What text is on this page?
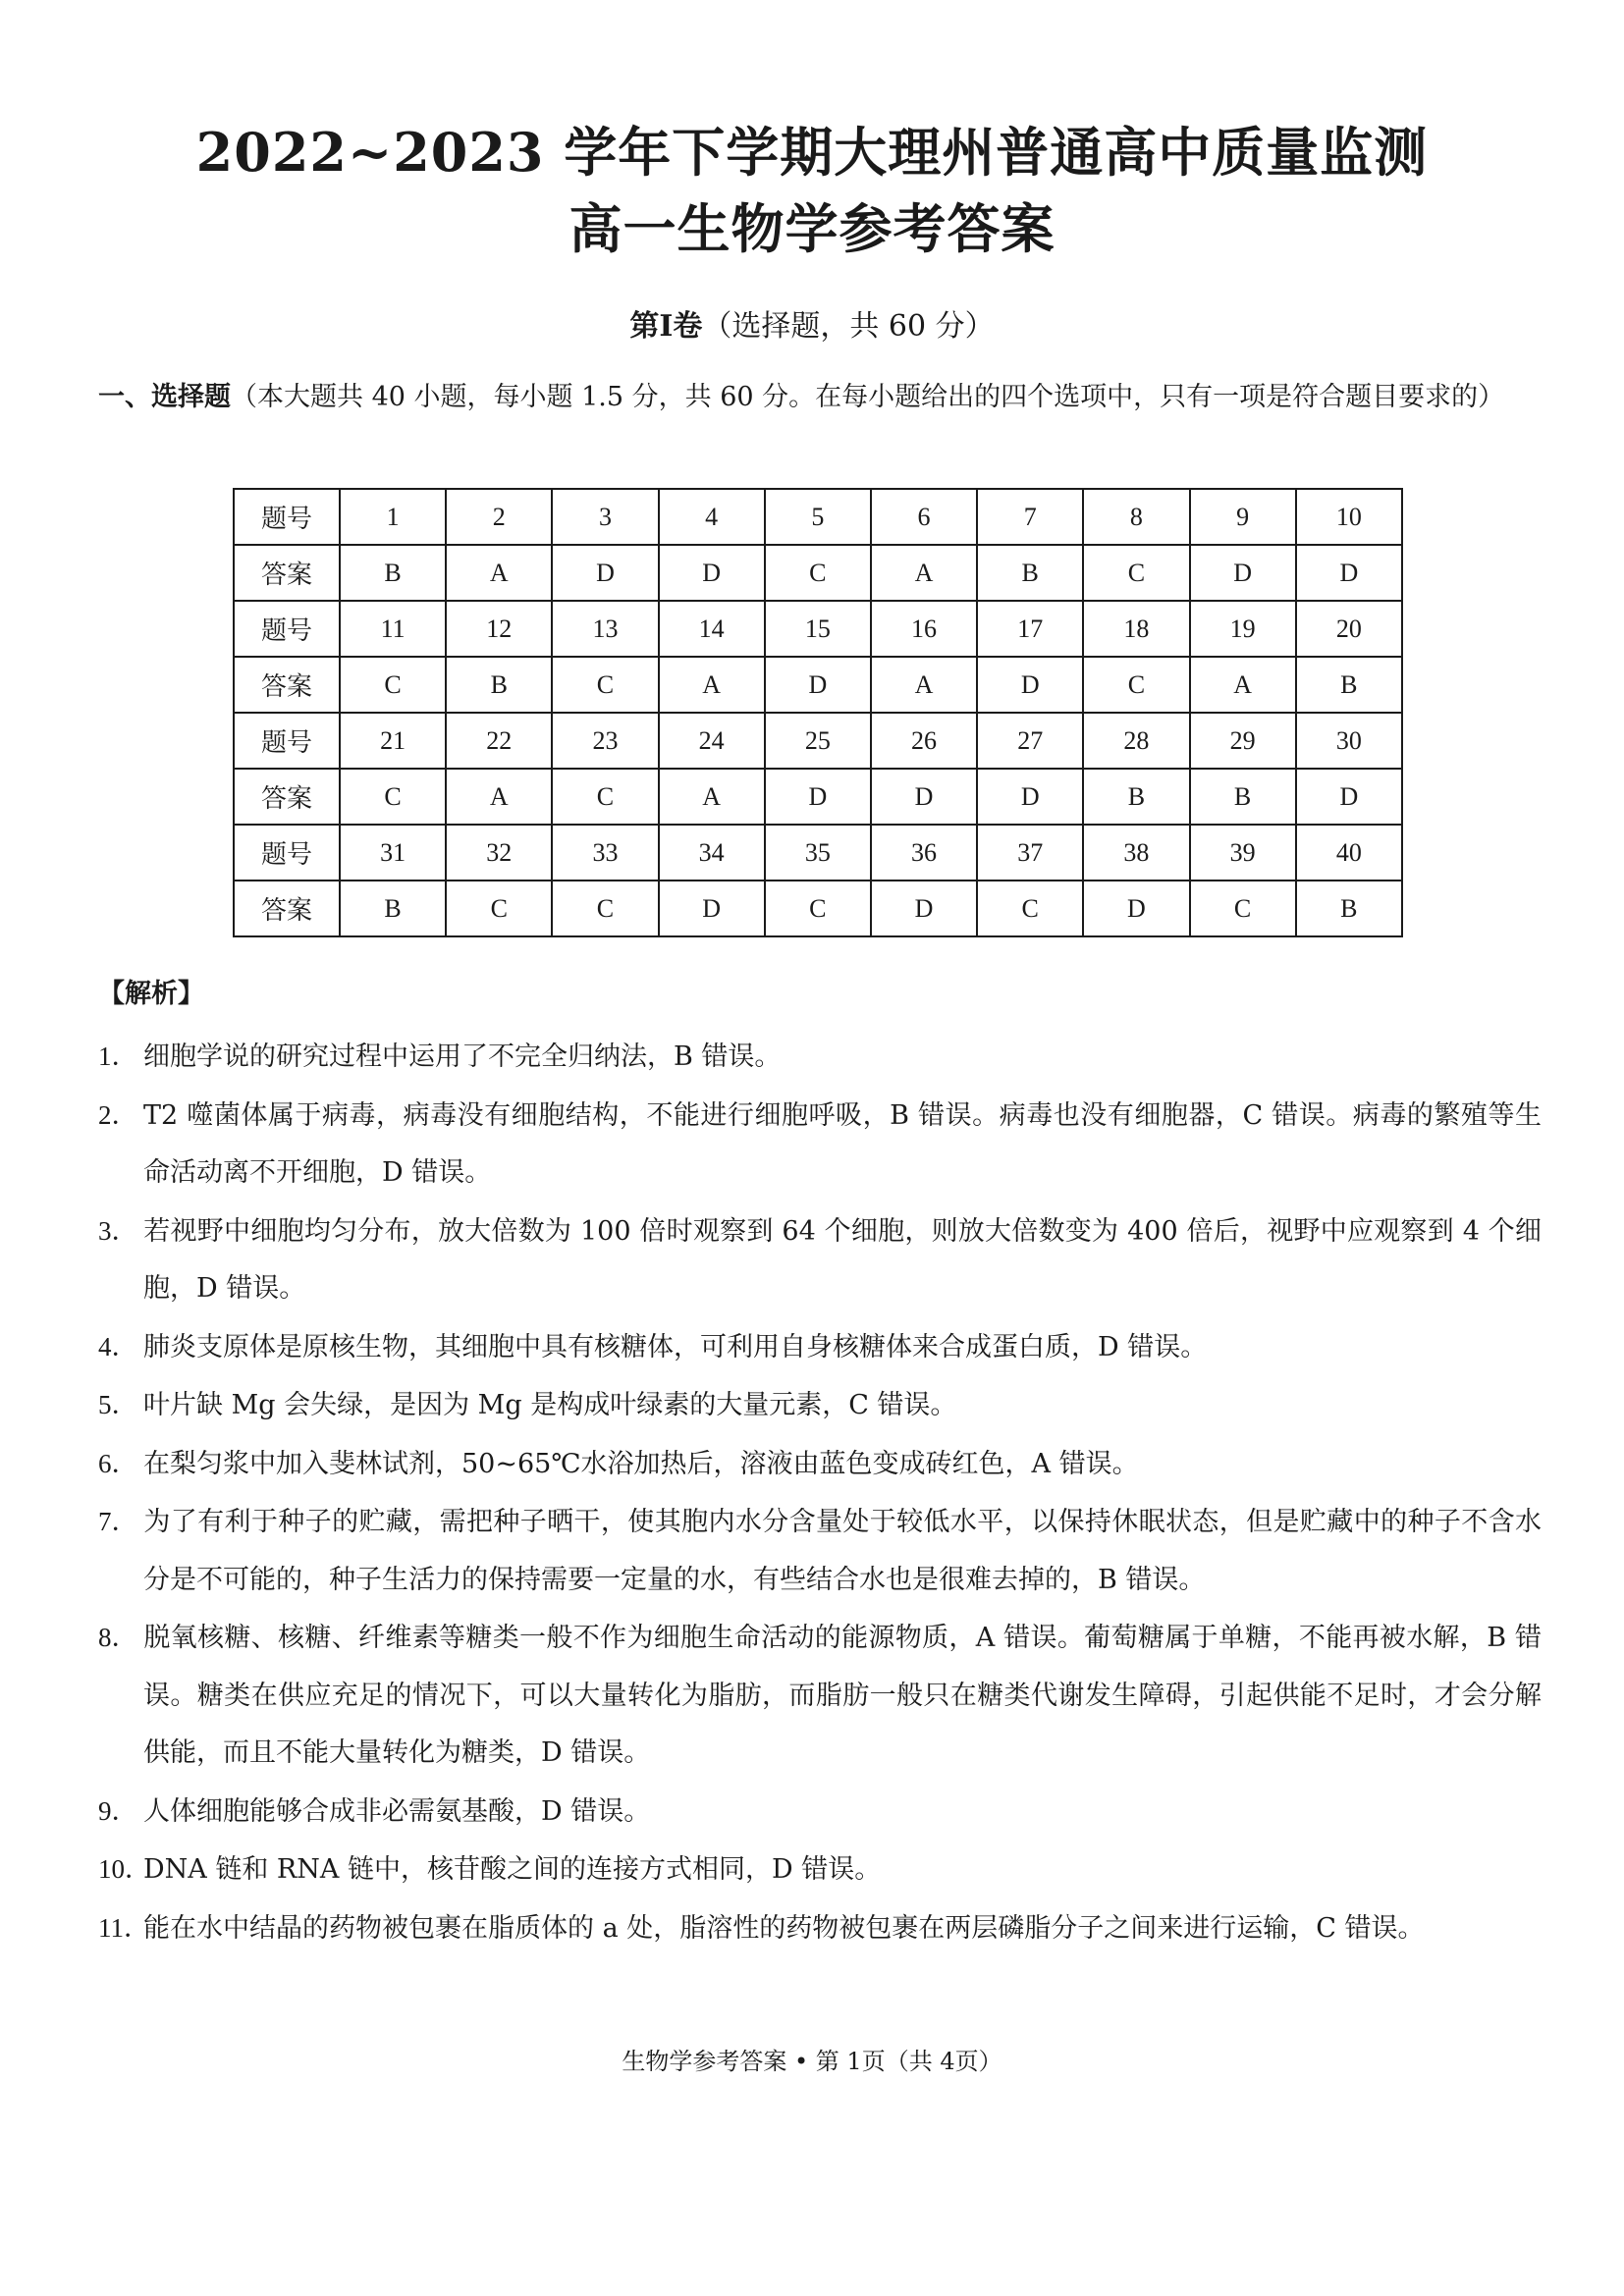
2022~2023 学年下学期大理州普通高中质量监测
高一生物学参考答案
第Ⅰ卷（选择题，共 60 分）
一、选择题（本大题共 40 小题，每小题 1.5 分，共 60 分。在每小题给出的四个选项中，只有一项是符合题目要求的）
题号	1	2	3	4	5	6	7	8	9	10
答案	B	A	D	D	C	A	B	C	D	D
题号	11	12	13	14	15	16	17	18	19	20
答案	C	B	C	A	D	A	D	C	A	B
题号	21	22	23	24	25	26	27	28	29	30
答案	C	A	C	A	D	D	D	B	B	D
题号	31	32	33	34	35	36	37	38	39	40
答案	B	C	C	D	C	D	C	D	C	B
【解析】
1． 细胞学说的研究过程中运用了不完全归纳法，B 错误。
2． T2 噬菌体属于病毒，病毒没有细胞结构，不能进行细胞呼吸，B 错误。病毒也没有细胞器，C 错误。病毒的繁殖等生命活动离不开细胞，D 错误。
3． 若视野中细胞均匀分布，放大倍数为 100 倍时观察到 64 个细胞，则放大倍数变为 400 倍后，视野中应观察到 4 个细胞，D 错误。
4． 肺炎支原体是原核生物，其细胞中具有核糖体，可利用自身核糖体来合成蛋白质，D 错误。
5． 叶片缺 Mg 会失绿，是因为 Mg 是构成叶绿素的大量元素，C 错误。
6． 在梨匀浆中加入斐林试剂，50~65℃水浴加热后，溶液由蓝色变成砖红色，A 错误。
7． 为了有利于种子的贮藏，需把种子晒干，使其胞内水分含量处于较低水平，以保持休眠状态，但是贮藏中的种子不含水分是不可能的，种子生活力的保持需要一定量的水，有些结合水也是很难去掉的，B 错误。
8． 脱氧核糖、核糖、纤维素等糖类一般不作为细胞生命活动的能源物质，A 错误。葡萄糖属于单糖，不能再被水解，B 错误。糖类在供应充足的情况下，可以大量转化为脂肪，而脂肪一般只在糖类代谢发生障碍，引起供能不足时，才会分解供能，而且不能大量转化为糖类，D 错误。
9． 人体细胞能够合成非必需氨基酸，D 错误。
10．DNA 链和 RNA 链中，核苷酸之间的连接方式相同，D 错误。
11．能在水中结晶的药物被包裹在脂质体的 a 处，脂溶性的药物被包裹在两层磷脂分子之间来进行运输，C 错误。
生物学参考答案 • 第 1页（共 4页）
